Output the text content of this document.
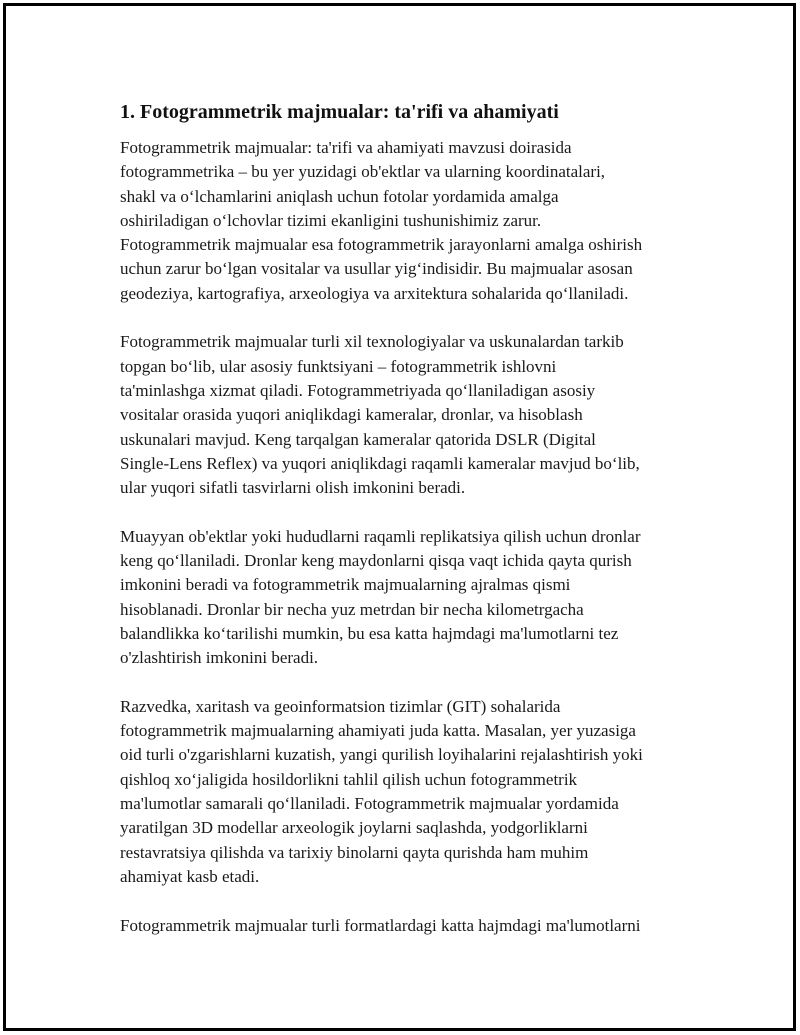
1. Fotogrammetrik majmualar: ta'rifi va ahamiyati

Fotogrammetrik majmualar: ta'rifi va ahamiyati mavzusi doirasida
fotogrammetrika – bu yer yuzidagi ob'ektlar va ularning koordinatalari,
shakl va oʻlchamlarini aniqlash uchun fotolar yordamida amalga
oshiriladigan oʻlchovlar tizimi ekanligini tushunishimiz zarur.
Fotogrammetrik majmualar esa fotogrammetrik jarayonlarni amalga oshirish
uchun zarur boʻlgan vositalar va usullar yigʻindisidir. Bu majmualar asosan
geodeziya, kartografiya, arxeologiya va arxitektura sohalarida qoʻllaniladi.

Fotogrammetrik majmualar turli xil texnologiyalar va uskunalardan tarkib
topgan boʻlib, ular asosiy funktsiyani – fotogrammetrik ishlovni
ta'minlashga xizmat qiladi. Fotogrammetriyada qoʻllaniladigan asosiy
vositalar orasida yuqori aniqlikdagi kameralar, dronlar, va hisoblash
uskunalari mavjud. Keng tarqalgan kameralar qatorida DSLR (Digital
Single-Lens Reflex) va yuqori aniqlikdagi raqamli kameralar mavjud boʻlib,
ular yuqori sifatli tasvirlarni olish imkonini beradi.

Muayyan ob'ektlar yoki hududlarni raqamli replikatsiya qilish uchun dronlar
keng qoʻllaniladi. Dronlar keng maydonlarni qisqa vaqt ichida qayta qurish
imkonini beradi va fotogrammetrik majmualarning ajralmas qismi
hisoblanadi. Dronlar bir necha yuz metrdan bir necha kilometrgacha
balandlikka koʻtarilishi mumkin, bu esa katta hajmdagi ma'lumotlarni tez
o'zlashtirish imkonini beradi.

Razvedka, xaritash va geoinformatsion tizimlar (GIT) sohalarida
fotogrammetrik majmualarning ahamiyati juda katta. Masalan, yer yuzasiga
oid turli o'zgarishlarni kuzatish, yangi qurilish loyihalarini rejalashtirish yoki
qishloq xoʻjaligida hosildorlikni tahlil qilish uchun fotogrammetrik
ma'lumotlar samarali qoʻllaniladi. Fotogrammetrik majmualar yordamida
yaratilgan 3D modellar arxeologik joylarni saqlashda, yodgorliklarni
restavratsiya qilishda va tarixiy binolarni qayta qurishda ham muhim
ahamiyat kasb etadi.

Fotogrammetrik majmualar turli formatlardagi katta hajmdagi ma'lumotlarni
